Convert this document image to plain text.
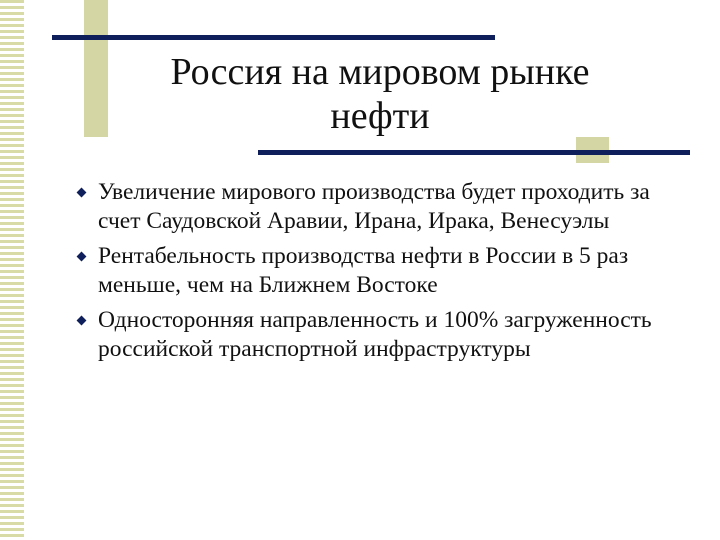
Россия на мировом рынке
нефти
Увеличение мирового производства будет проходить за счет Саудовской Аравии, Ирана, Ирака, Венесуэлы
Рентабельность производства нефти в России в 5 раз меньше, чем на Ближнем Востоке
Односторонняя направленность и 100% загруженность российской транспортной инфраструктуры
